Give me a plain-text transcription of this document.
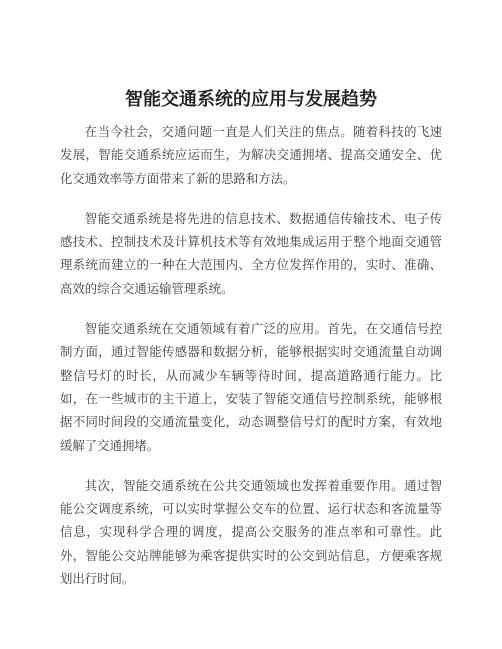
智能交通系统的应用与发展趋势

在当今社会，交通问题一直是人们关注的焦点。随着科技的飞速发展，智能交通系统应运而生，为解决交通拥堵、提高交通安全、优化交通效率等方面带来了新的思路和方法。

智能交通系统是将先进的信息技术、数据通信传输技术、电子传感技术、控制技术及计算机技术等有效地集成运用于整个地面交通管理系统而建立的一种在大范围内、全方位发挥作用的，实时、准确、高效的综合交通运输管理系统。

智能交通系统在交通领域有着广泛的应用。首先，在交通信号控制方面，通过智能传感器和数据分析，能够根据实时交通流量自动调整信号灯的时长，从而减少车辆等待时间，提高道路通行能力。比如，在一些城市的主干道上，安装了智能交通信号控制系统，能够根据不同时间段的交通流量变化，动态调整信号灯的配时方案，有效地缓解了交通拥堵。

其次，智能交通系统在公共交通领域也发挥着重要作用。通过智能公交调度系统，可以实时掌握公交车的位置、运行状态和客流量等信息，实现科学合理的调度，提高公交服务的准点率和可靠性。此外，智能公交站牌能够为乘客提供实时的公交到站信息，方便乘客规划出行时间。
